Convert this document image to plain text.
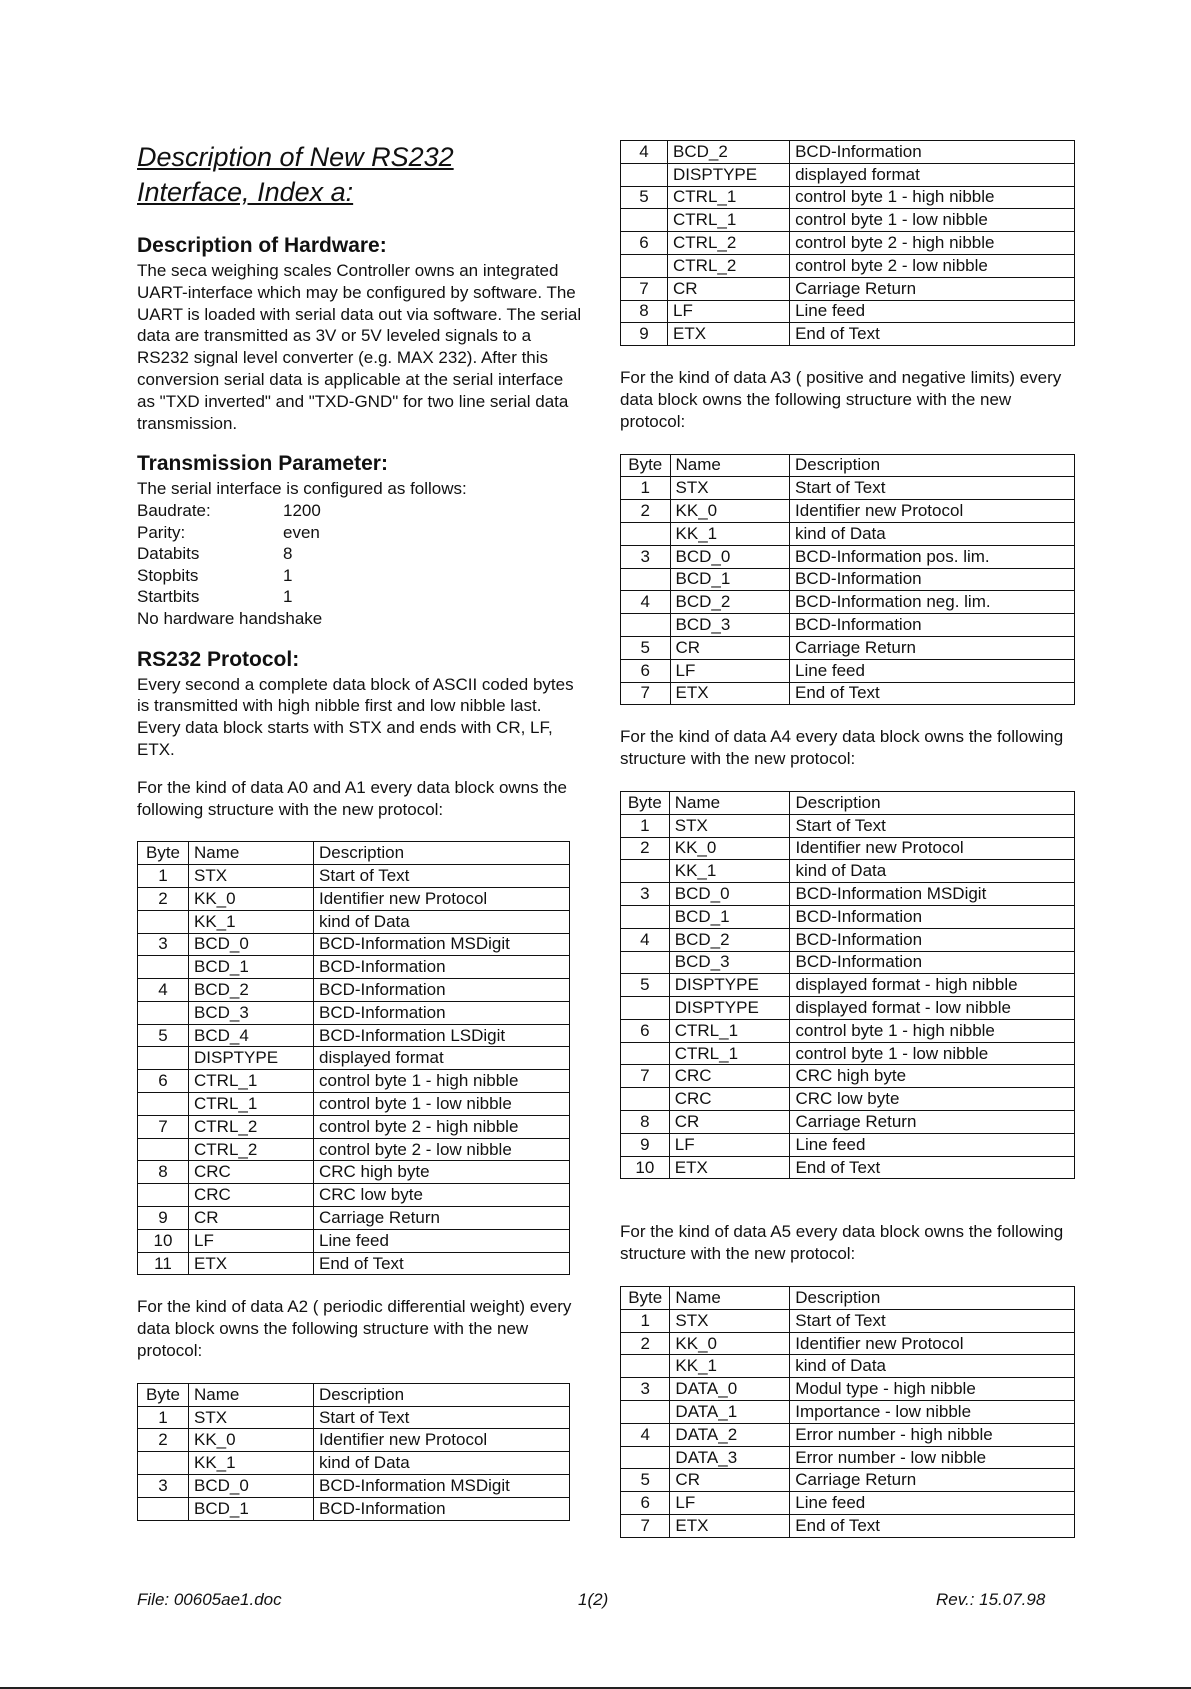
Description of New RS232
Interface, Index a:
Description of Hardware:

The seca weighing scales Controller owns an integrated UART-interface which may be configured by software. The UART is loaded with serial data out via software. The serial data are transmitted as 3V or 5V leveled signals to a RS232 signal level converter (e.g. MAX 232). After this conversion serial data is applicable at the serial interface as "TXD inverted" and "TXD-GND" for two line serial data transmission.

Transmission Parameter:
The serial interface is configured as follows:
Baudrate:	1200
Parity:	even
Databits	8
Stopbits	1
Startbits	1
No hardware handshake
RS232 Protocol:

Every second a complete data block of ASCII coded bytes is transmitted with high nibble first and low nibble last. Every data block starts with STX and ends with CR, LF, ETX.

For the kind of data A0 and A1 every data block owns the following structure with the new protocol:

Byte	Name	Description
1	STX	Start of Text
2	KK_0	Identifier new Protocol
	KK_1	kind of Data
3	BCD_0	BCD-Information MSDigit
	BCD_1	BCD-Information
4	BCD_2	BCD-Information
	BCD_3	BCD-Information
5	BCD_4	BCD-Information LSDigit
	DISPTYPE	displayed format
6	CTRL_1	control byte 1 - high nibble
	CTRL_1	control byte 1 - low nibble
7	CTRL_2	control byte 2 - high nibble
	CTRL_2	control byte 2 - low nibble
8	CRC	CRC high byte
	CRC	CRC low byte
9	CR	Carriage Return
10	LF	Line feed
11	ETX	End of Text

For the kind of data A2 ( periodic differential weight) every data block owns the following structure with the new protocol:

Byte	Name	Description
1	STX	Start of Text
2	KK_0	Identifier new Protocol
	KK_1	kind of Data
3	BCD_0	BCD-Information MSDigit
	BCD_1	BCD-Information
4	BCD_2	BCD-Information
	DISPTYPE	displayed format
5	CTRL_1	control byte 1 - high nibble
	CTRL_1	control byte 1 - low nibble
6	CTRL_2	control byte 2 - high nibble
	CTRL_2	control byte 2 - low nibble
7	CR	Carriage Return
8	LF	Line feed
9	ETX	End of Text

For the kind of data A3 ( positive and negative limits) every data block owns the following structure with the new protocol:

Byte	Name	Description
1	STX	Start of Text
2	KK_0	Identifier new Protocol
	KK_1	kind of Data
3	BCD_0	BCD-Information pos. lim.
	BCD_1	BCD-Information
4	BCD_2	BCD-Information neg. lim.
	BCD_3	BCD-Information
5	CR	Carriage Return
6	LF	Line feed
7	ETX	End of Text

For the kind of data A4 every data block owns the following structure with the new protocol:

Byte	Name	Description
1	STX	Start of Text
2	KK_0	Identifier new Protocol
	KK_1	kind of Data
3	BCD_0	BCD-Information MSDigit
	BCD_1	BCD-Information
4	BCD_2	BCD-Information
	BCD_3	BCD-Information
5	DISPTYPE	displayed format - high nibble
	DISPTYPE	displayed format - low nibble
6	CTRL_1	control byte 1 - high nibble
	CTRL_1	control byte 1 - low nibble
7	CRC	CRC high byte
	CRC	CRC low byte
8	CR	Carriage Return
9	LF	Line feed
10	ETX	End of Text

For the kind of data A5 every data block owns the following structure with the new protocol:

Byte	Name	Description
1	STX	Start of Text
2	KK_0	Identifier new Protocol
	KK_1	kind of Data
3	DATA_0	Modul type - high nibble
	DATA_1	Importance - low nibble
4	DATA_2	Error number - high nibble
	DATA_3	Error number - low nibble
5	CR	Carriage Return
6	LF	Line feed
7	ETX	End of Text
File: 00605ae1.doc	1(2)	Rev.: 15.07.98
